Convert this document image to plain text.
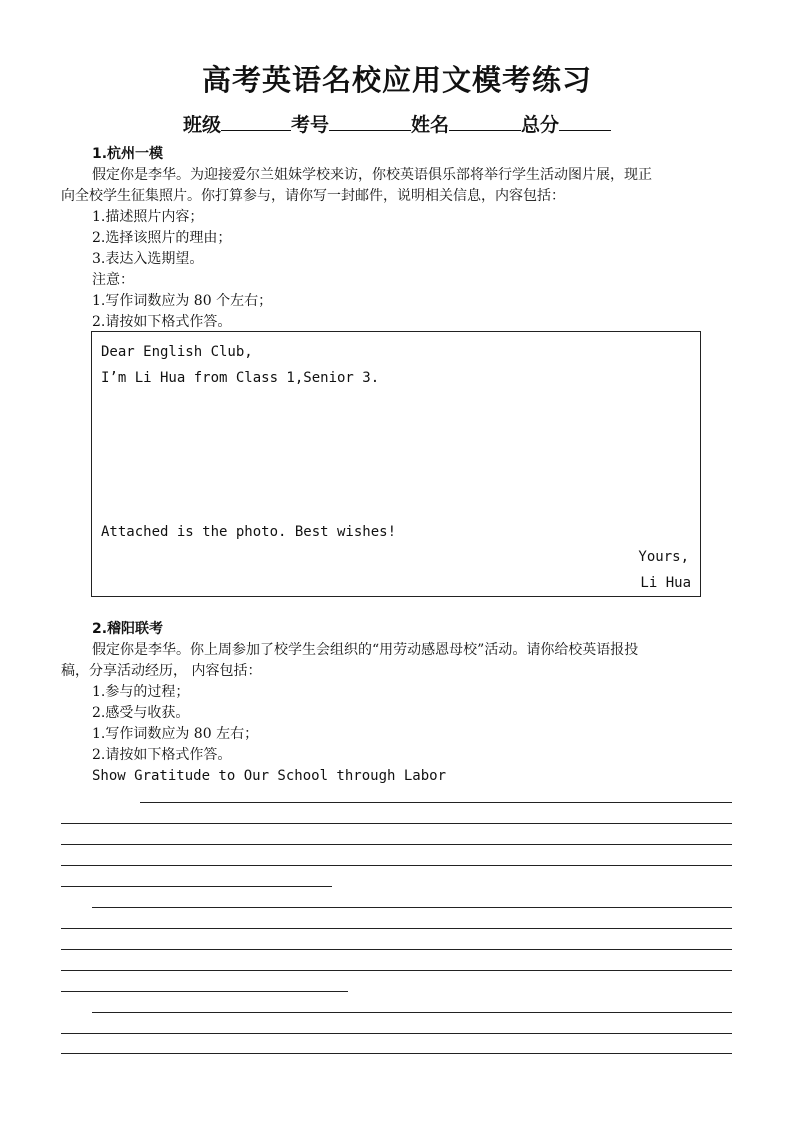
高考英语名校应用文模考练习
班级	考号	姓名	总分
1.杭州一模
假定你是李华。为迎接爱尔兰姐妹学校来访，你校英语俱乐部将举行学生活动图片展，现正
向全校学生征集照片。你打算参与，请你写一封邮件，说明相关信息，内容包括：
1.描述照片内容；
2.选择该照片的理由；
3.表达入选期望。
注意：
1.写作词数应为 80 个左右；
2.请按如下格式作答。
Dear English Club,
I’m Li Hua from Class 1,Senior 3.
Attached is the photo. Best wishes!
Yours,
Li Hua
2.稽阳联考
假定你是李华。你上周参加了校学生会组织的“用劳动感恩母校”活动。请你给校英语报投
稿，分享活动经历， 内容包括：
1.参与的过程；
2.感受与收获。
1.写作词数应为 80 左右；
2.请按如下格式作答。
Show Gratitude to Our School through Labor
